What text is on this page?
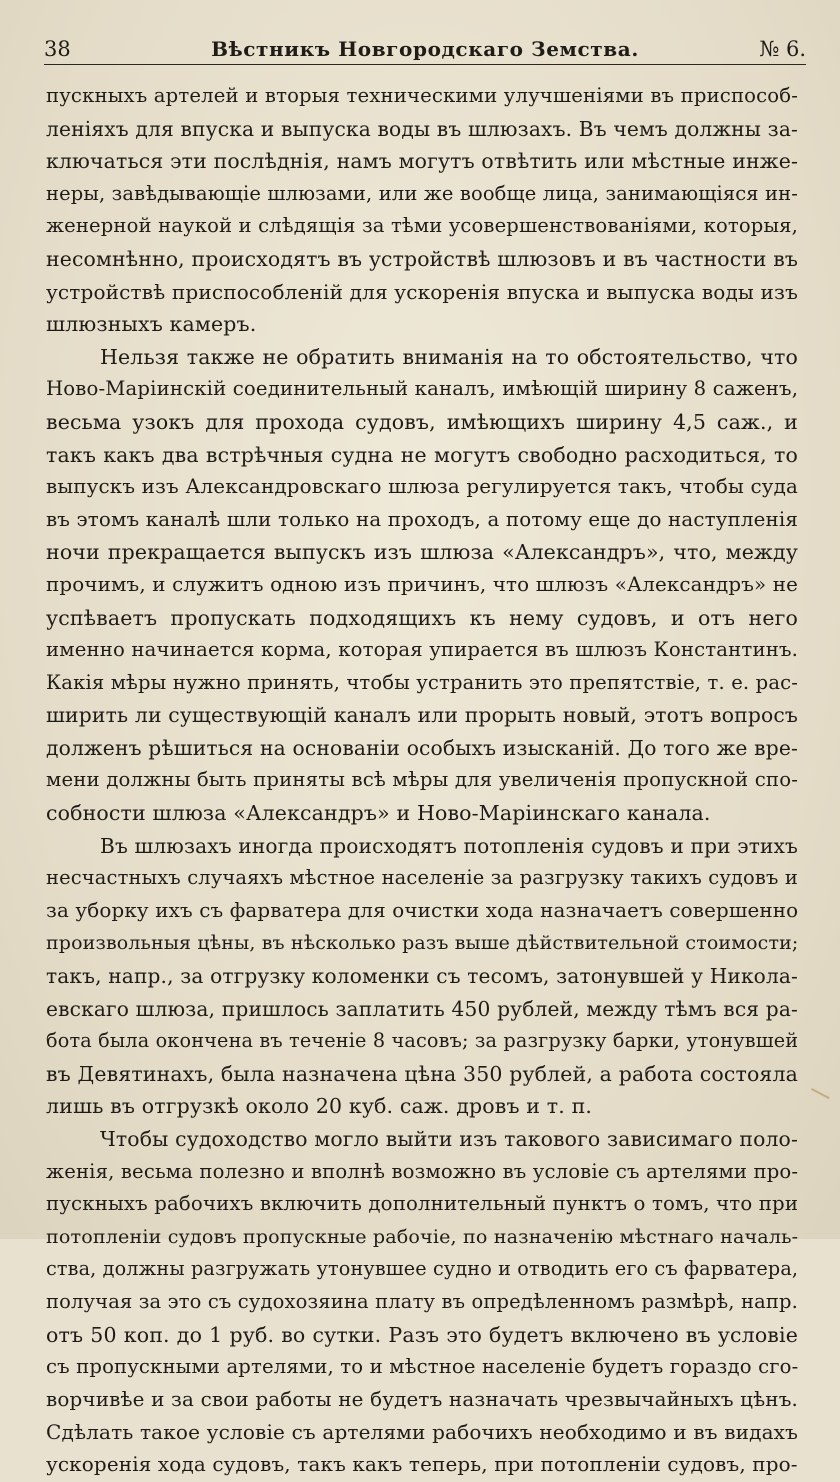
38	Вѣстникъ Новгородскаго Земства.	№ 6.
пускныхъ артелей и вторыя техническими улучшеніями въ приспособ-
леніяхъ для впуска и выпуска воды въ шлюзахъ. Въ чемъ должны за-
ключаться эти послѣднія, намъ могутъ отвѣтить или мѣстные инже-
неры, завѣдывающіе шлюзами, или же вообще лица, занимающіяся ин-
женерной наукой и слѣдящія за тѣми усовершенствованіями, которыя,
несомнѣнно, происходятъ въ устройствѣ шлюзовъ и въ частности въ
устройствѣ приспособленій для ускоренія впуска и выпуска воды изъ
шлюзныхъ камеръ.
Нельзя также не обратить вниманія на то обстоятельство, что
Ново-Маріинскій соединительный каналъ, имѣющій ширину 8 саженъ,
весьма узокъ для прохода судовъ, имѣющихъ ширину 4,5 саж., и
такъ какъ два встрѣчныя судна не могутъ свободно расходиться, то
выпускъ изъ Александровскаго шлюза регулируется такъ, чтобы суда
въ этомъ каналѣ шли только на проходъ, а потому еще до наступленія
ночи прекращается выпускъ изъ шлюза «Александръ», что, между
прочимъ, и служитъ одною изъ причинъ, что шлюзъ «Александръ» не
успѣваетъ пропускать подходящихъ къ нему судовъ, и отъ него
именно начинается корма, которая упирается въ шлюзъ Константинъ.
Какія мѣры нужно принять, чтобы устранить это препятствіе, т. е. рас-
ширить ли существующій каналъ или прорыть новый, этотъ вопросъ
долженъ рѣшиться на основаніи особыхъ изысканій. До того же вре-
мени должны быть приняты всѣ мѣры для увеличенія пропускной спо-
собности шлюза «Александръ» и Ново-Маріинскаго канала.
Въ шлюзахъ иногда происходятъ потопленія судовъ и при этихъ
несчастныхъ случаяхъ мѣстное населеніе за разгрузку такихъ судовъ и
за уборку ихъ съ фарватера для очистки хода назначаетъ совершенно
произвольныя цѣны, въ нѣсколько разъ выше дѣйствительной стоимости;
такъ, напр., за отгрузку коломенки съ тесомъ, затонувшей у Никола-
евскаго шлюза, пришлось заплатить 450 рублей, между тѣмъ вся ра-
бота была окончена въ теченіе 8 часовъ; за разгрузку барки, утонувшей
въ Девятинахъ, была назначена цѣна 350 рублей, а работа состояла
лишь въ отгрузкѣ около 20 куб. саж. дровъ и т. п.
Чтобы судоходство могло выйти изъ такового зависимаго поло-
женія, весьма полезно и вполнѣ возможно въ условіе съ артелями про-
пускныхъ рабочихъ включить дополнительный пунктъ о томъ, что при
потопленіи судовъ пропускные рабочіе, по назначенію мѣстнаго началь-
ства, должны разгружать утонувшее судно и отводить его съ фарватера,
получая за это съ судохозяина плату въ опредѣленномъ размѣрѣ, напр.
отъ 50 коп. до 1 руб. во сутки. Разъ это будетъ включено въ условіе
съ пропускными артелями, то и мѣстное населеніе будетъ гораздо сго-
ворчивѣе и за свои работы не будетъ назначать чрезвычайныхъ цѣнъ.
Сдѣлать такое условіе съ артелями рабочихъ необходимо и въ видахъ
ускоренія хода судовъ, такъ какъ теперь, при потопленіи судовъ, про-
